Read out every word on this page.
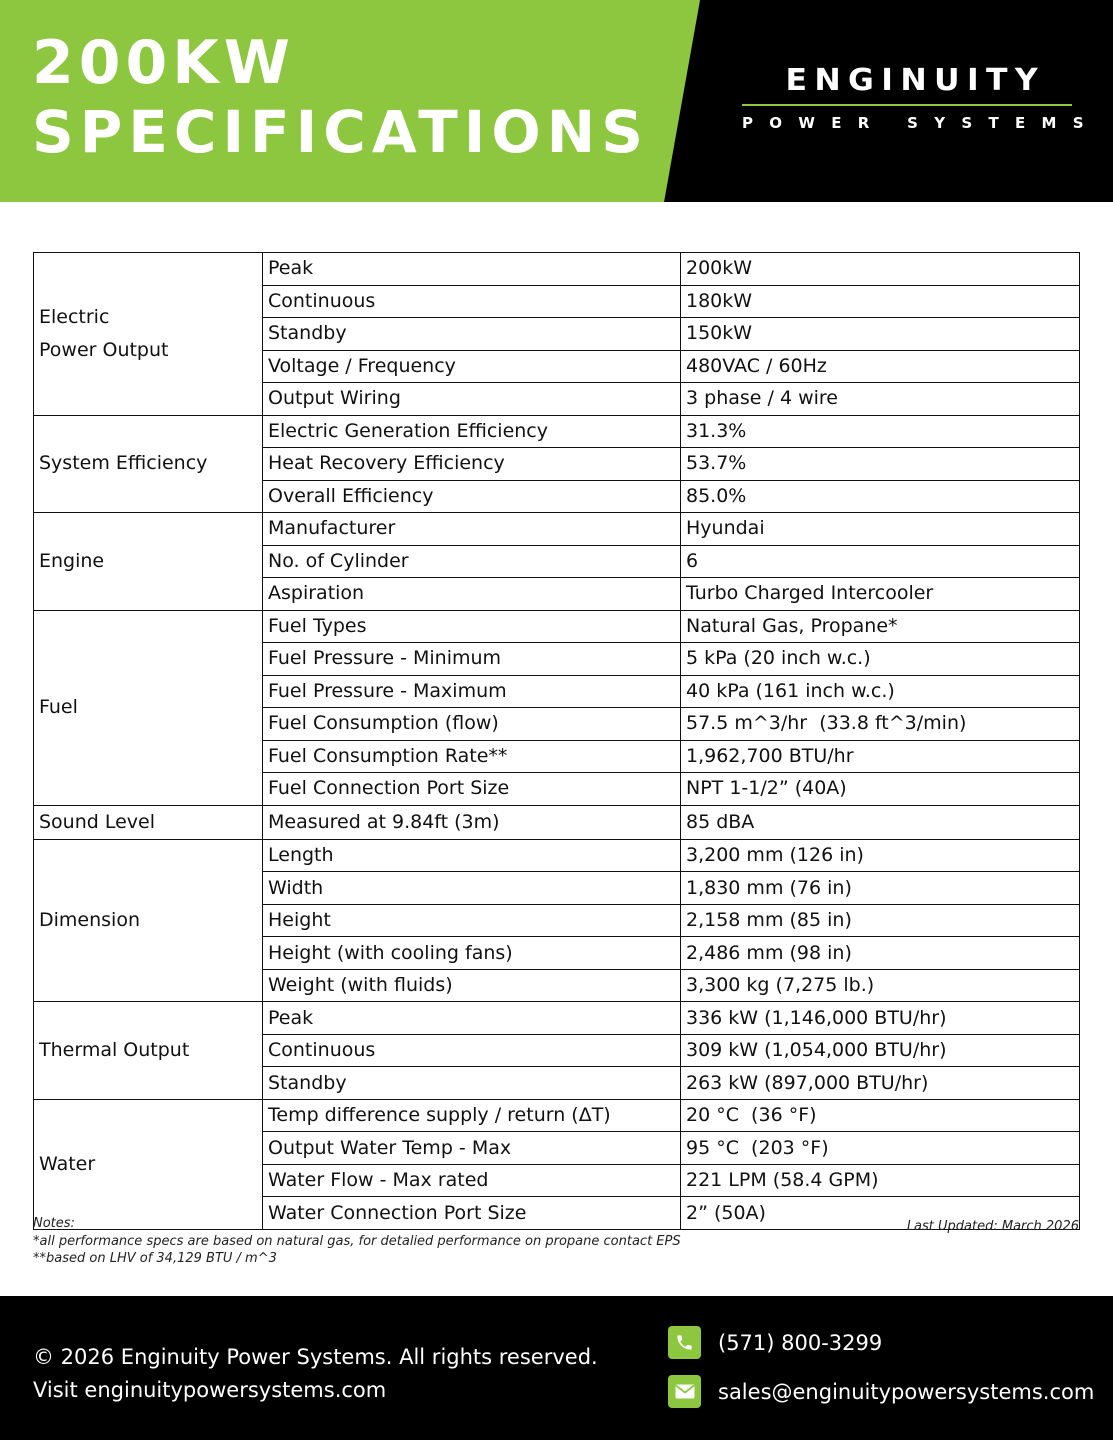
200KW
SPECIFICATIONS
ENGINUITY
POWER SYSTEMS
Electric
Power Output	Peak	200kW
	Continuous	180kW
	Standby	150kW
	Voltage / Frequency	480VAC / 60Hz
	Output Wiring	3 phase / 4 wire
System Efficiency	Electric Generation Efficiency	31.3%
	Heat Recovery Efficiency	53.7%
	Overall Efficiency	85.0%
Engine	Manufacturer	Hyundai
	No. of Cylinder	6
	Aspiration	Turbo Charged Intercooler
Fuel	Fuel Types	Natural Gas, Propane*
	Fuel Pressure - Minimum	5 kPa (20 inch w.c.)
	Fuel Pressure - Maximum	40 kPa (161 inch w.c.)
	Fuel Consumption (flow)	57.5 m^3/hr  (33.8 ft^3/min)
	Fuel Consumption Rate**	1,962,700 BTU/hr
	Fuel Connection Port Size	NPT 1-1/2” (40A)
Sound Level	Measured at 9.84ft (3m)	85 dBA
Dimension	Length	3,200 mm (126 in)
	Width	1,830 mm (76 in)
	Height	2,158 mm (85 in)
	Height (with cooling fans)	2,486 mm (98 in)
	Weight (with fluids)	3,300 kg (7,275 lb.)
Thermal Output	Peak	336 kW (1,146,000 BTU/hr)
	Continuous	309 kW (1,054,000 BTU/hr)
	Standby	263 kW (897,000 BTU/hr)
Water	Temp difference supply / return (ΔT)	20 °C  (36 °F)
	Output Water Temp - Max	95 °C  (203 °F)
	Water Flow - Max rated	221 LPM (58.4 GPM)
	Water Connection Port Size	2” (50A)
Notes:
*all performance specs are based on natural gas, for detalied performance on propane contact EPS
**based on LHV of 34,129 BTU / m^3
Last Updated: March 2026
© 2026 Enginuity Power Systems. All rights reserved.
Visit enginuitypowersystems.com
(571) 800-3299
sales@enginuitypowersystems.com
